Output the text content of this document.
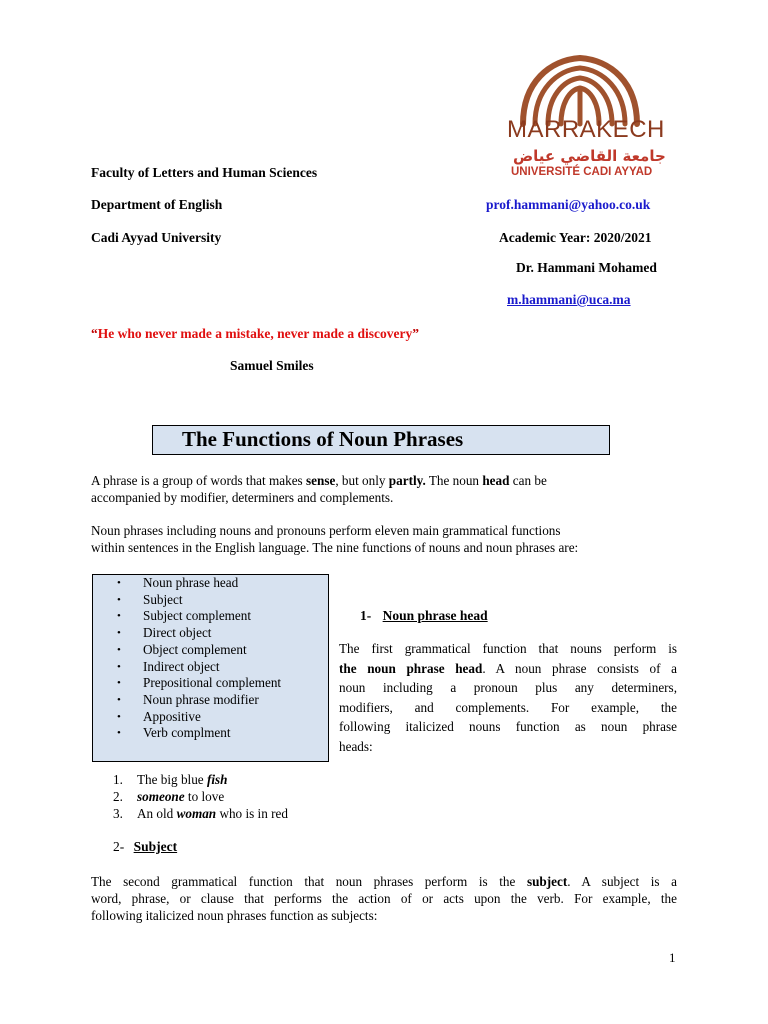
MARRAKECH
جامعة القاضي عياض
UNIVERSITÉ CADI AYYAD
Faculty of Letters and Human Sciences
Department of English	prof.hammani@yahoo.co.uk
Cadi Ayyad University	Academic Year: 2020/2021
Dr. Hammani Mohamed
m.hammani@uca.ma
“He who never made a mistake, never made a discovery”
Samuel Smiles
The Functions of Noun Phrases
A phrase is a group of words that makes sense, but only partly. The noun head can be
accompanied by modifier, determiners and complements.
Noun phrases including nouns and pronouns perform eleven main grammatical functions
within sentences in the English language. The nine functions of nouns and noun phrases are:
• Noun phrase head
• Subject
• Subject complement
• Direct object
• Object complement
• Indirect object
• Prepositional complement
• Noun phrase modifier
• Appositive
• Verb complment
1- Noun phrase head
The first grammatical function that nouns perform is
the noun phrase head. A noun phrase consists of a
noun including a pronoun plus any determiners,
modifiers, and complements. For example, the
following italicized nouns function as noun phrase
heads:
1. The big blue fish
2. someone to love
3. An old woman who is in red
2- Subject
The second grammatical function that noun phrases perform is the subject. A subject is a
word, phrase, or clause that performs the action of or acts upon the verb. For example, the
following italicized noun phrases function as subjects:
1
